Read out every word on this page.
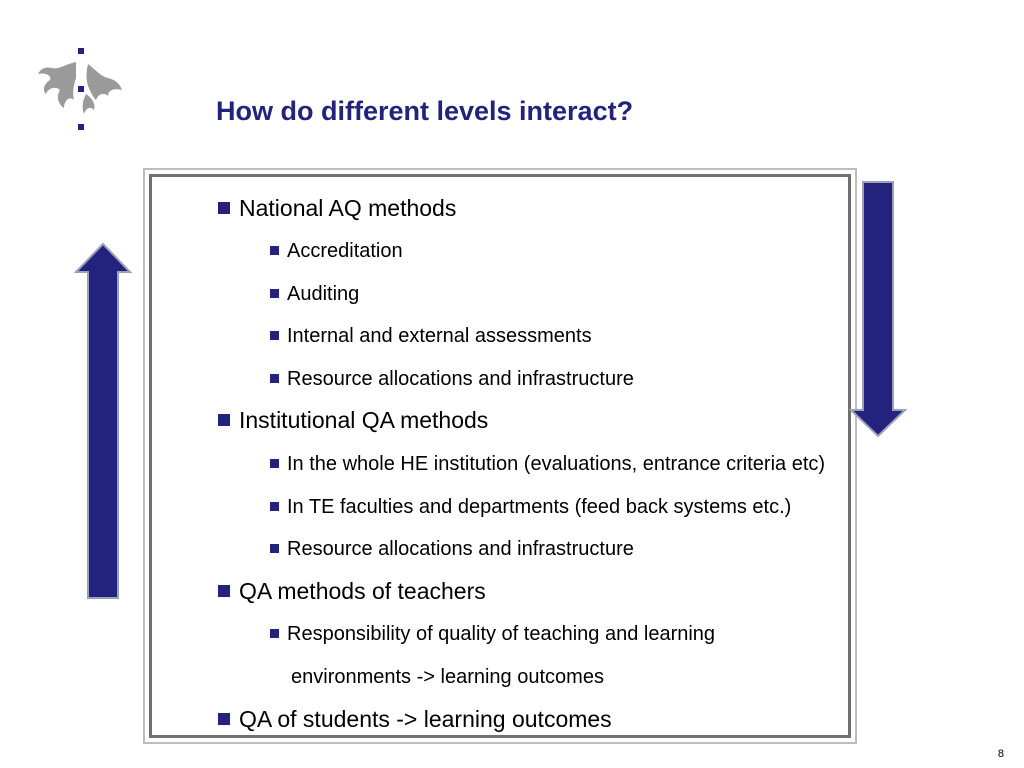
How do different levels interact?
National AQ methods
Accreditation
Auditing
Internal and external assessments
Resource allocations and infrastructure
Institutional QA methods
In the whole HE institution (evaluations, entrance criteria etc)
In TE faculties and departments (feed back systems etc.)
Resource allocations and infrastructure
QA methods of teachers
Responsibility of quality of teaching and learning
environments -> learning outcomes
QA of students -> learning outcomes
8
